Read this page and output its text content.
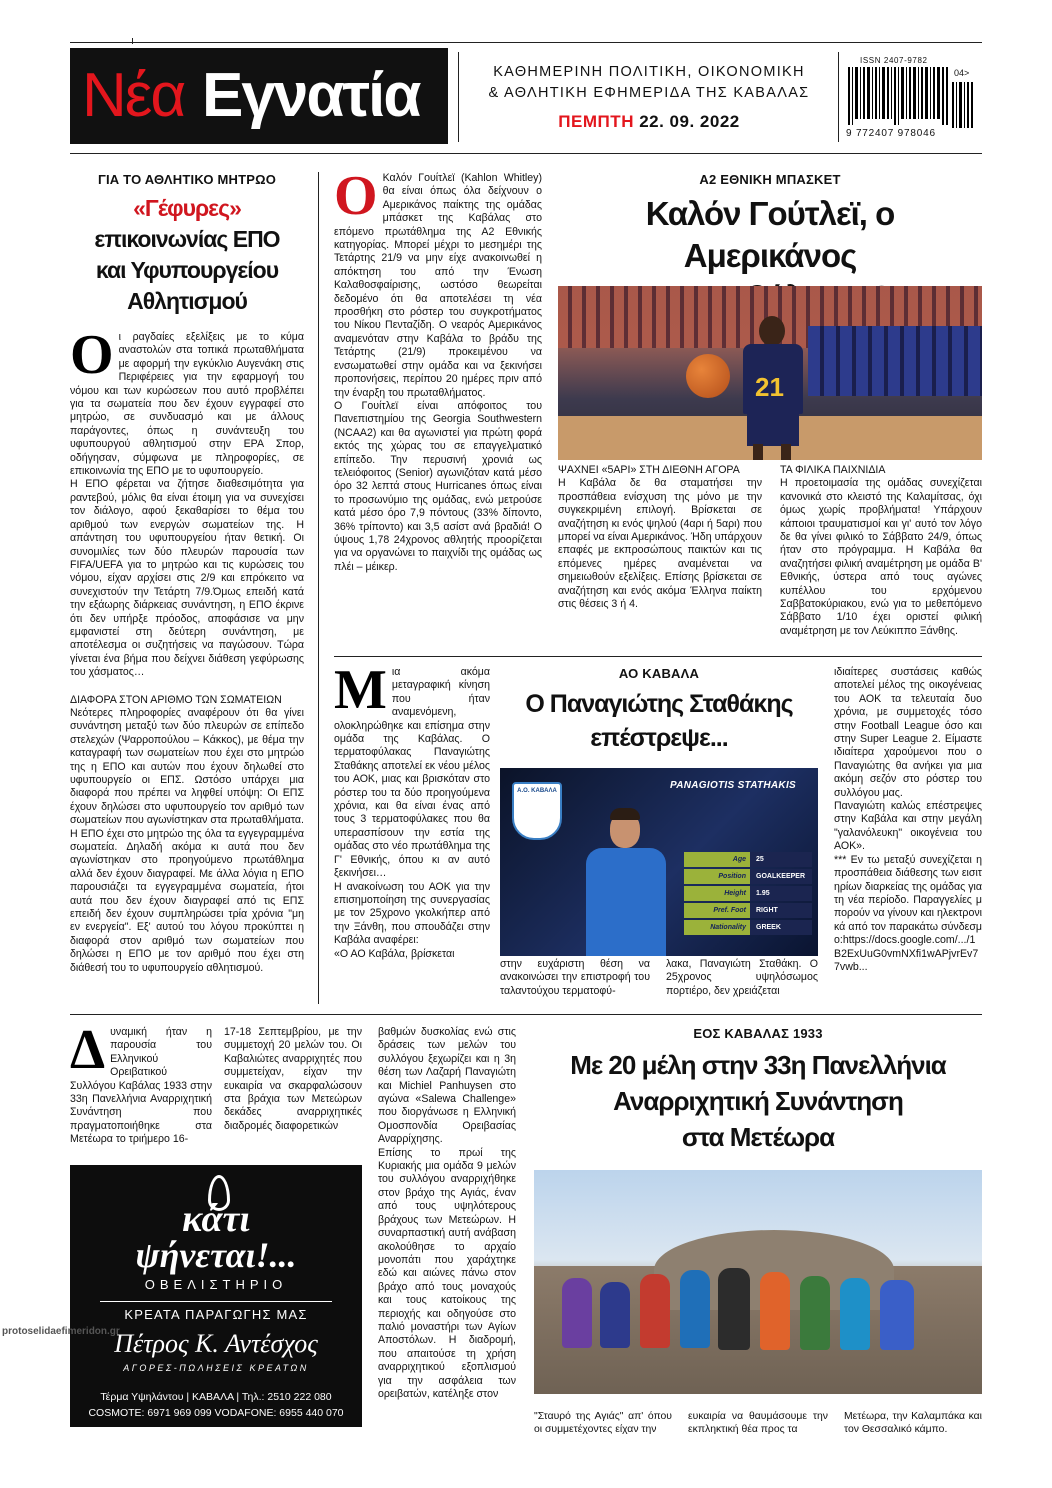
Νέα Εγνατία	ΚΑΘΗΜΕΡΙΝΗ ΠΟΛΙΤΙΚΗ, ΟΙΚΟΝΟΜΙΚΗ
& ΑΘΛΗΤΙΚΗ ΕΦΗΜΕΡΙΔΑ ΤΗΣ ΚΑΒΑΛΑΣ
ΠΕΜΠΤΗ 22. 09. 2022
ISSN 2407-9782
04>
9 772407 978046
ΓΙΑ ΤΟ ΑΘΛΗΤΙΚΟ ΜΗΤΡΩΟ
«Γέφυρες»
επικοινωνίας ΕΠΟ
και Υφυπουργείου
Αθλητισμού
Ο ι ραγδαίες εξελίξεις με το κύμα αναστολών στα τοπικά πρωταθλήματα με αφορμή την εγκύκλιο Αυγενάκη στις Περιφέρειες για την εφαρμογή του νόμου και των κυρώσεων που αυτό προβλέπει για τα σωματεία που δεν έχουν εγγραφεί στο μητρώο, σε συνδυασμό και με άλλους παράγοντες, όπως η συνάντευξη του υφυπουργού αθλητισμού στην ΕΡΑ Σπορ, οδήγησαν, σύμφωνα με πληροφορίες, σε επικοινωνία της ΕΠΟ με το υφυπουργείο.

Η ΕΠΟ φέρεται να ζήτησε διαθεσιμότητα για ραντεβού, μόλις θα είναι έτοιμη για να συνεχίσει τον διάλογο, αφού ξεκαθαρίσει το θέμα του αριθμού των ενεργών σωματείων της. Η απάντηση του υφυπουργείου ήταν θετική. Οι συνομιλίες των δύο πλευρών παρουσία των FIFA/UEFA για το μητρώο και τις κυρώσεις του νόμου, είχαν αρχίσει στις 2/9 και επρόκειτο να συνεχιστούν την Τετάρτη 7/9.Όμως επειδή κατά την εξάωρης διάρκειας συνάντηση, η ΕΠΟ έκρινε ότι δεν υπήρξε πρόοδος, αποφάσισε να μην εμφανιστεί στη δεύτερη συνάντηση, με αποτέλεσμα οι συζητήσεις να παγώσουν. Τώρα γίνεται ένα βήμα που δείχνει διάθεση γεφύρωσης του χάσματος…

ΔΙΑΦΟΡΑ ΣΤΟΝ ΑΡΙΘΜΟ ΤΩΝ ΣΩΜΑΤΕΙΩΝ

Νεότερες πληροφορίες αναφέρουν ότι θα γίνει συνάντηση μεταξύ των δύο πλευρών σε επίπεδο στελεχών (Ψαρροπούλου – Κάκκος), με θέμα την καταγραφή των σωματείων που έχει στο μητρώο της η ΕΠΟ και αυτών που έχουν δηλωθεί στο υφυπουργείο οι ΕΠΣ. Ωστόσο υπάρχει μια διαφορά που πρέπει να ληφθεί υπόψη: Οι ΕΠΣ έχουν δηλώσει στο υφυπουργείο τον αριθμό των σωματείων που αγωνίστηκαν στα πρωταθλήματα. Η ΕΠΟ έχει στο μητρώο της όλα τα εγγεγραμμένα σωματεία. Δηλαδή ακόμα κι αυτά που δεν αγωνίστηκαν στο προηγούμενο πρωτάθλημα αλλά δεν έχουν διαγραφεί. Με άλλα λόγια η ΕΠΟ παρουσιάζει τα εγγεγραμμένα σωματεία, ήτοι αυτά που δεν έχουν διαγραφεί από τις ΕΠΣ επειδή δεν έχουν συμπληρώσει τρία χρόνια "μη εν ενεργεία". Εξ' αυτού του λόγου προκύπτει η διαφορά στον αριθμό των σωματείων που δηλώσει η ΕΠΟ με τον αριθμό που έχει στη διάθεσή του το υφυπουργείο αθλητισμού.

Ο Καλόν Γουίτλεϊ (Kahlon Whitley) θα είναι όπως όλα δείχνουν ο Αμερικάνος παίκτης της ομάδας μπάσκετ της Καβάλας στο επόμενο πρωτάθλημα της Α2 Εθνικής κατηγορίας. Μπορεί μέχρι το μεσημέρι της Τετάρτης 21/9 να μην είχε ανακοινωθεί η απόκτηση του από την Ένωση Καλαθοσφαίρισης, ωστόσο θεωρείται δεδομένο ότι θα αποτελέσει τη νέα προσθήκη στο ρόστερ του συγκροτήματος του Νίκου Πενταζίδη. Ο νεαρός Αμερικάνος αναμενόταν στην Καβάλα το βράδυ της Τετάρτης (21/9) προκειμένου να ενσωματωθεί στην ομάδα και να ξεκινήσει προπονήσεις, περίπου 20 ημέρες πριν από την έναρξη του πρωταθλήματος.

Ο Γουίτλεϊ είναι απόφοιτος του Πανεπιστημίου της Georgia Southwestern (NCAA2) και θα αγωνιστεί για πρώτη φορά εκτός της χώρας του σε επαγγελματικό επίπεδο. Την περυσινή χρονιά ως τελειόφοιτος (Senior) αγωνιζόταν κατά μέσο όρο 32 λεπτά στους Hurricanes όπως είναι το προσωνύμιο της ομάδας, ενώ μετρούσε κατά μέσο όρο 7,9 πόντους (33% δίποντο, 36% τρίποντο) και 3,5 ασίστ ανά βραδιά! Ο ύψους 1,78 24χρονος αθλητής προορίζεται για να οργανώνει το παιχνίδι της ομάδας ως πλέι – μέικερ.

Α2 ΕΘΝΙΚΗ ΜΠΑΣΚΕΤ
Καλόν Γούτλεϊ, ο Αμερικάνος
21

ΨΑΧΝΕΙ «5ΑΡΙ» ΣΤΗ ΔΙΕΘΝΗ ΑΓΟΡΑ

Η Καβάλα δε θα σταματήσει την προσπάθεια ενίσχυση της μόνο με την συγκεκριμένη επιλογή. Βρίσκεται σε αναζήτηση κι ενός ψηλού (4αρι ή 5αρι) που μπορεί να είναι Αμερικάνος. Ήδη υπάρχουν επαφές με εκπροσώπους παικτών και τις επόμενες ημέρες αναμένεται να σημειωθούν εξελίξεις. Επίσης βρίσκεται σε αναζήτηση και ενός ακόμα Έλληνα παίκτη στις θέσεις 3 ή 4.

ΤΑ ΦΙΛΙΚΑ ΠΑΙΧΝΙΔΙΑ

Η προετοιμασία της ομάδας συνεχίζεται κανονικά στο κλειστό της Καλαμίτσας, όχι όμως χωρίς προβλήματα! Υπάρχουν κάποιοι τραυματισμοί και γι' αυτό τον λόγο δε θα γίνει φιλικό το Σάββατο 24/9, όπως ήταν στο πρόγραμμα. Η Καβάλα θα αναζητήσει φιλική αναμέτρηση με ομάδα Β' Εθνικής, ύστερα από τους αγώνες κυπέλλου του ερχόμενου Σαββατοκύριακου, ενώ για το μεθεπόμενο Σάββατο 1/10 έχει οριστεί φιλική αναμέτρηση με τον Λεύκιππο Ξάνθης.

Μ ια ακόμα μεταγραφική κίνηση που ήταν αναμενόμενη, ολοκληρώθηκε και επίσημα στην ομάδα της Καβάλας. Ο τερματοφύλακας Παναγιώτης Σταθάκης αποτελεί εκ νέου μέλος του ΑΟΚ, μιας και βρισκόταν στο ρόστερ του τα δύο προηγούμενα χρόνια, και θα είναι ένας από τους 3 τερματοφύλακες που θα υπερασπίσουν την εστία της ομάδας στο νέο πρωτάθλημα της Γ' Εθνικής, όπου κι αν αυτό ξεκινήσει…

Η ανακοίνωση του ΑΟΚ για την επισημοποίηση της συνεργασίας με τον 25χρονο γκολκήπερ από την Ξάνθη, που σπουδάζει στην Καβάλα αναφέρει:

«Ο ΑΟ Καβάλα, βρίσκεται

ΑΟ ΚΑΒΑΛΑ
Ο Παναγιώτης Σταθάκης
επέστρεψε...
PANAGIOTIS STATHAKIS
Α.Ο. ΚΑΒΑΛΑ
Age	25
Position	GOALKEEPER
Height	1.95
Pref. Foot	RIGHT
Nationality	GREEK

στην ευχάριστη θέση να ανακοινώσει την επιστροφή του ταλαντούχου τερματοφύ-

λακα, Παναγιώτη Σταθάκη. Ο 25χρονος υψηλόσωμος πορτιέρο, δεν χρειάζεται

ιδιαίτερες συστάσεις καθώς αποτελεί μέλος της οικογένειας του ΑΟΚ τα τελευταία δυο χρόνια, με συμμετοχές τόσο στην Football League όσο και στην Super League 2. Είμαστε ιδιαίτερα χαρούμενοι που ο Παναγιώτης θα ανήκει για μια ακόμη σεζόν στο ρόστερ του συλλόγου μας.

Παναγιώτη καλώς επέστρεψες στην Καβάλα και στην μεγάλη "γαλανόλευκη" οικογένεια του ΑΟΚ».

*** Εν τω μεταξύ συνεχίζεται η προσπάθεια διάθεσης των εισιτηρίων διαρκείας της ομάδας για τη νέα περίοδο. Παραγγελίες μπορούν να γίνουν και ηλεκτρονικά από τον παρακάτω σύνδεσμο:https://docs.google.com/.../1B2ExUuG0vmNXfi1wAPjvrEv77vwb...

Δ υναμική ήταν η παρουσία του Ελληνικού Ορειβατικού Συλλόγου Καβάλας 1933 στην 33η Πανελλήνια Αναρριχητική Συνάντηση που πραγματοποιήθηκε στα Μετέωρα το τριήμερο 16-

17-18 Σεπτεμβρίου, με την συμμετοχή 20 μελών του. Οι Καβαλιώτες αναρριχητές που συμμετείχαν, είχαν την ευκαιρία να σκαρφαλώσουν στα βράχια των Μετεώρων δεκάδες αναρριχητικές διαδρομές διαφορετικών

βαθμών δυσκολίας ενώ στις δράσεις των μελών του συλλόγου ξεχωρίζει και η 3η θέση των Λαζαρή Παναγιώτη και Michiel Panhuysen στο αγώνα «Salewa Challenge» που διοργάνωσε η Ελληνική Ομοσπονδία Ορειβασίας Αναρρίχησης.

Επίσης το πρωί της Κυριακής μια ομάδα 9 μελών του συλλόγου αναρριχήθηκε στον βράχο της Αγιάς, έναν από τους υψηλότερους βράχους των Μετεώρων. Η συναρπαστική αυτή ανάβαση ακολούθησε το αρχαίο μονοπάτι που χαράχτηκε εδώ και αιώνες πάνω στον βράχο από τους μοναχούς και τους κατοίκους της περιοχής και οδηγούσε στο παλιό μοναστήρι των Αγίων Αποστόλων. Η διαδρομή, που απαιτούσε τη χρήση αναρριχητικού εξοπλισμού για την ασφάλεια των ορειβατών, κατέληξε στον

ΕΟΣ ΚΑΒΑΛΑΣ 1933
Με 20 μέλη στην 33η Πανελλήνια
Αναρριχητική Συνάντηση
στα Μετέωρα

"Σταυρό της Αγιάς" απ' όπου οι συμμετέχοντες είχαν την

ευκαιρία να θαυμάσουμε την εκπληκτική θέα προς τα

Μετέωρα, την Καλαμπάκα και τον Θεσσαλικό κάμπο.

κάτι
ψήνεται!...
ΟΒΕΛΙΣΤΗΡΙΟ
ΚΡΕΑΤΑ ΠΑΡΑΓΩΓΗΣ ΜΑΣ
Πέτρος Κ. Αντέσχος
ΑΓΟΡΕΣ-ΠΩΛΗΣΕΙΣ ΚΡΕΑΤΩΝ
Τέρμα Υψηλάντου | ΚΑΒΑΛΑ | Τηλ.: 2510 222 080
COSMOTE: 6971 969 099 VODAFONE: 6955 440 070
protoselidaefimeridon.gr
